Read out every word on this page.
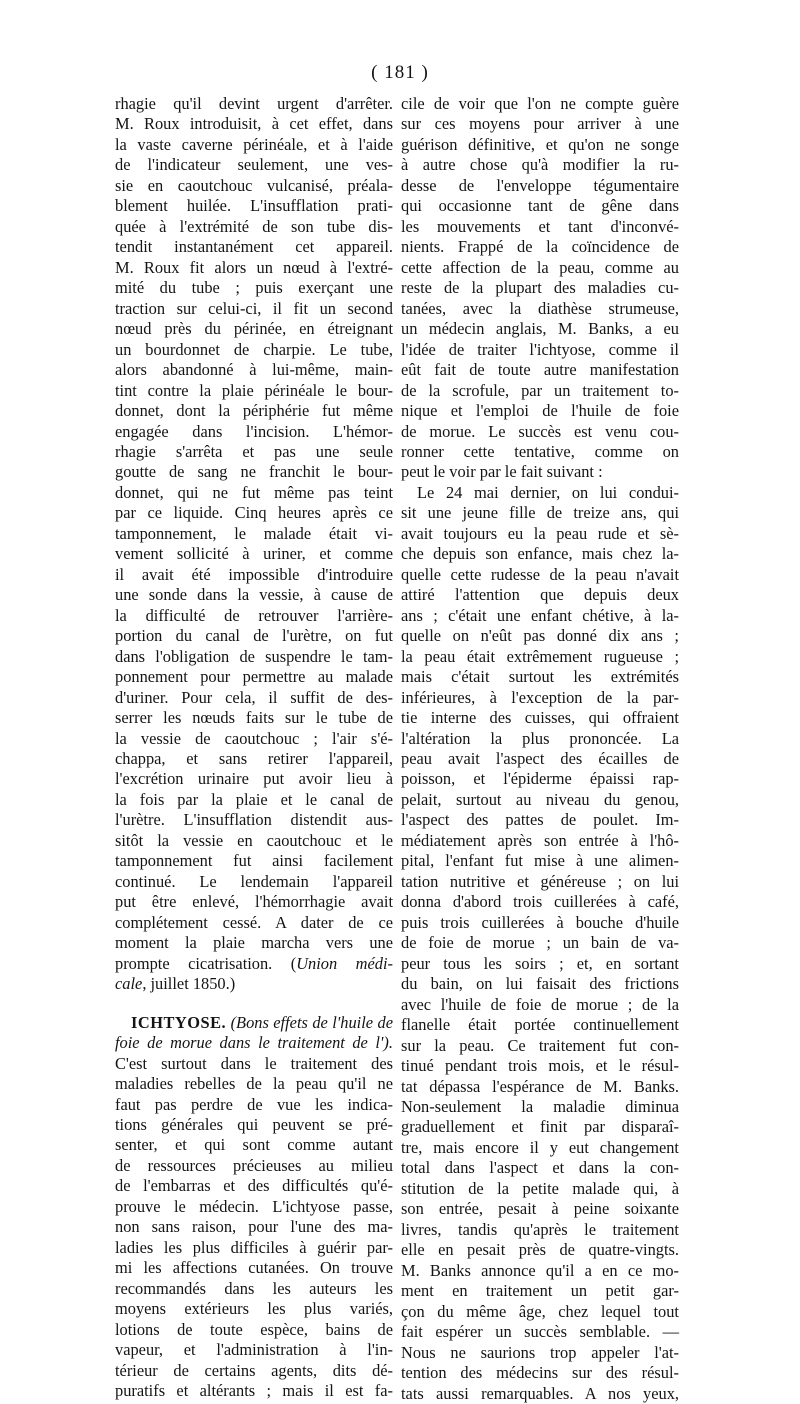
( 181 )
rhagie qu'il devint urgent d'arrêter.
M. Roux introduisit, à cet effet, dans
la vaste caverne périnéale, et à l'aide
de l'indicateur seulement, une ves-
sie en caoutchouc vulcanisé, préala-
blement huilée. L'insufflation prati-
quée à l'extrémité de son tube dis-
tendit instantanément cet appareil.
M. Roux fit alors un nœud à l'extré-
mité du tube ; puis exerçant une
traction sur celui-ci, il fit un second
nœud près du périnée, en étreignant
un bourdonnet de charpie. Le tube,
alors abandonné à lui-même, main-
tint contre la plaie périnéale le bour-
donnet, dont la périphérie fut même
engagée dans l'incision. L'hémor-
rhagie s'arrêta et pas une seule
goutte de sang ne franchit le bour-
donnet, qui ne fut même pas teint
par ce liquide. Cinq heures après ce
tamponnement, le malade était vi-
vement sollicité à uriner, et comme
il avait été impossible d'introduire
une sonde dans la vessie, à cause de
la difficulté de retrouver l'arrière-
portion du canal de l'urètre, on fut
dans l'obligation de suspendre le tam-
ponnement pour permettre au malade
d'uriner. Pour cela, il suffit de des-
serrer les nœuds faits sur le tube de
la vessie de caoutchouc ; l'air s'é-
chappa, et sans retirer l'appareil,
l'excrétion urinaire put avoir lieu à
la fois par la plaie et le canal de
l'urètre. L'insufflation distendit aus-
sitôt la vessie en caoutchouc et le
tamponnement fut ainsi facilement
continué. Le lendemain l'appareil
put être enlevé, l'hémorrhagie avait
complétement cessé. A dater de ce
moment la plaie marcha vers une
prompte cicatrisation. (Union médi-
cale, juillet 1850.)
ICHTYOSE. (Bons effets de l'huile de
foie de morue dans le traitement de l').
C'est surtout dans le traitement des
maladies rebelles de la peau qu'il ne
faut pas perdre de vue les indica-
tions générales qui peuvent se pré-
senter, et qui sont comme autant
de ressources précieuses au milieu
de l'embarras et des difficultés qu'é-
prouve le médecin. L'ichtyose passe,
non sans raison, pour l'une des ma-
ladies les plus difficiles à guérir par-
mi les affections cutanées. On trouve
recommandés dans les auteurs les
moyens extérieurs les plus variés,
lotions de toute espèce, bains de
vapeur, et l'administration à l'in-
térieur de certains agents, dits dé-
puratifs et altérants ; mais il est fa-
cile de voir que l'on ne compte guère
sur ces moyens pour arriver à une
guérison définitive, et qu'on ne songe
à autre chose qu'à modifier la ru-
desse de l'enveloppe tégumentaire
qui occasionne tant de gêne dans
les mouvements et tant d'inconvé-
nients. Frappé de la coïncidence de
cette affection de la peau, comme au
reste de la plupart des maladies cu-
tanées, avec la diathèse strumeuse,
un médecin anglais, M. Banks, a eu
l'idée de traiter l'ichtyose, comme il
eût fait de toute autre manifestation
de la scrofule, par un traitement to-
nique et l'emploi de l'huile de foie
de morue. Le succès est venu cou-
ronner cette tentative, comme on
peut le voir par le fait suivant :
Le 24 mai dernier, on lui condui-
sit une jeune fille de treize ans, qui
avait toujours eu la peau rude et sè-
che depuis son enfance, mais chez la-
quelle cette rudesse de la peau n'avait
attiré l'attention que depuis deux
ans ; c'était une enfant chétive, à la-
quelle on n'eût pas donné dix ans ;
la peau était extrêmement rugueuse ;
mais c'était surtout les extrémités
inférieures, à l'exception de la par-
tie interne des cuisses, qui offraient
l'altération la plus prononcée. La
peau avait l'aspect des écailles de
poisson, et l'épiderme épaissi rap-
pelait, surtout au niveau du genou,
l'aspect des pattes de poulet. Im-
médiatement après son entrée à l'hô-
pital, l'enfant fut mise à une alimen-
tation nutritive et généreuse ; on lui
donna d'abord trois cuillerées à café,
puis trois cuillerées à bouche d'huile
de foie de morue ; un bain de va-
peur tous les soirs ; et, en sortant
du bain, on lui faisait des frictions
avec l'huile de foie de morue ; de la
flanelle était portée continuellement
sur la peau. Ce traitement fut con-
tinué pendant trois mois, et le résul-
tat dépassa l'espérance de M. Banks.
Non-seulement la maladie diminua
graduellement et finit par disparaî-
tre, mais encore il y eut changement
total dans l'aspect et dans la con-
stitution de la petite malade qui, à
son entrée, pesait à peine soixante
livres, tandis qu'après le traitement
elle en pesait près de quatre-vingts.
M. Banks annonce qu'il a en ce mo-
ment en traitement un petit gar-
çon du même âge, chez lequel tout
fait espérer un succès semblable. —
Nous ne saurions trop appeler l'at-
tention des médecins sur des résul-
tats aussi remarquables. A nos yeux,
